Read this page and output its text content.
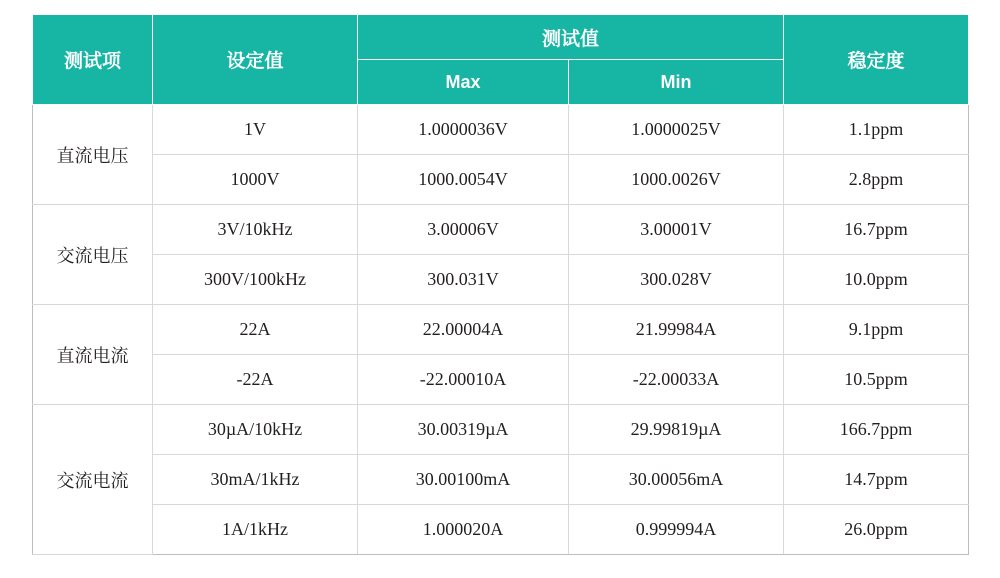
测试项	设定值	测试值		稳定度
		Max	Min	
直流电压	1V	1.0000036V	1.0000025V	1.1ppm
	1000V	1000.0054V	1000.0026V	2.8ppm
交流电压	3V/10kHz	3.00006V	3.00001V	16.7ppm
	300V/100kHz	300.031V	300.028V	10.0ppm
直流电流	22A	22.00004A	21.99984A	9.1ppm
	-22A	-22.00010A	-22.00033A	10.5ppm
交流电流	30µA/10kHz	30.00319µA	29.99819µA	166.7ppm
	30mA/1kHz	30.00100mA	30.00056mA	14.7ppm
	1A/1kHz	1.000020A	0.999994A	26.0ppm
